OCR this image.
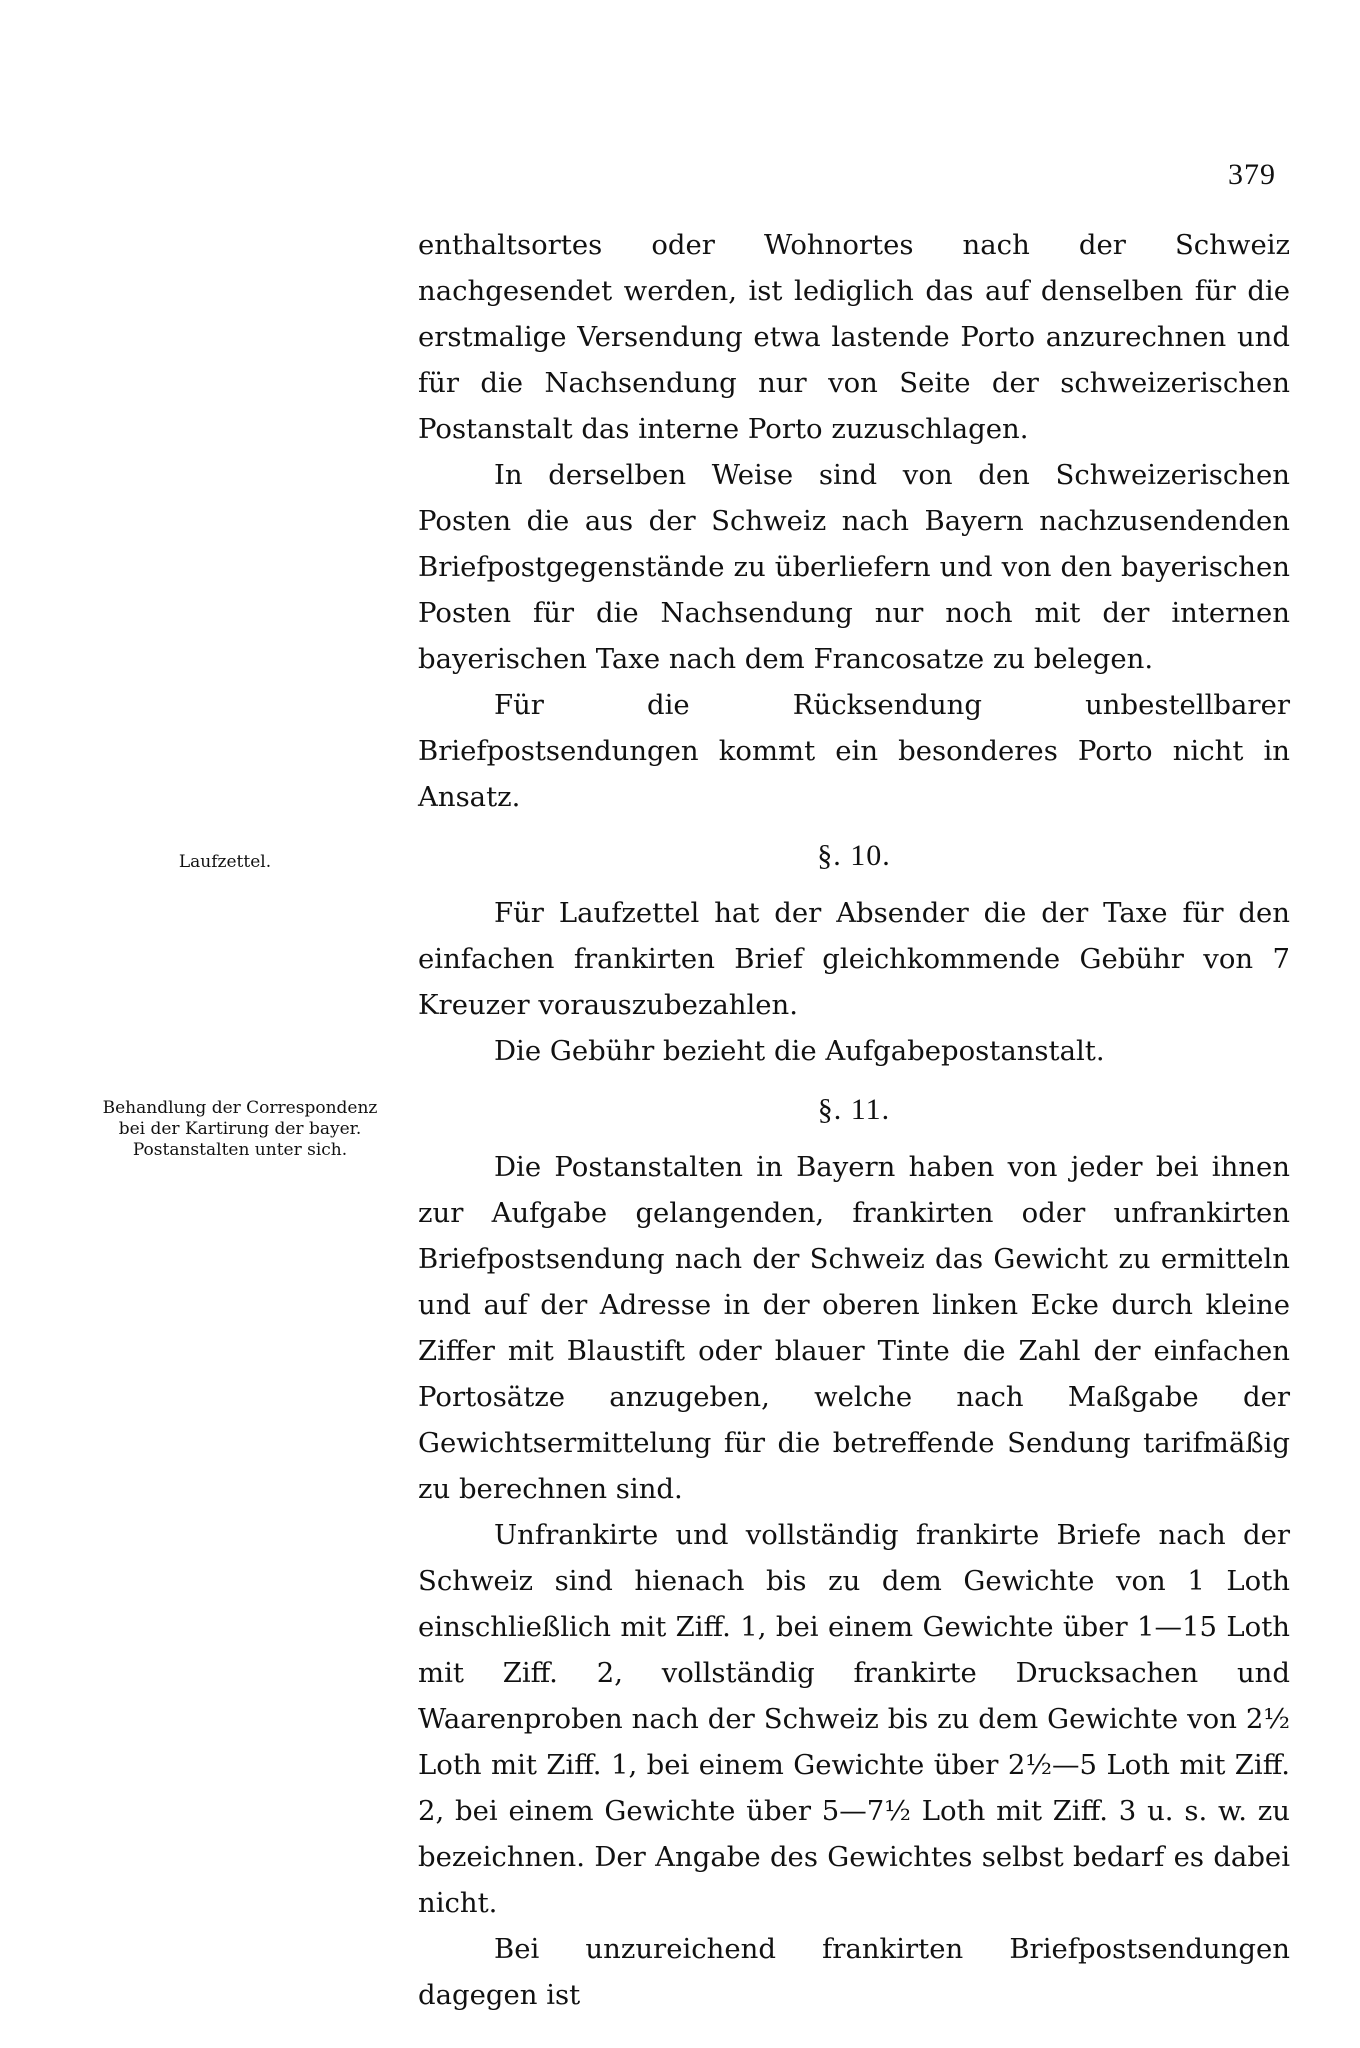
379
Laufzettel.
Behandlung der Correspondenz
bei der Kartirung der bayer.
Postanstalten unter sich.

enthaltsortes oder Wohnortes nach der Schweiz nachgesendet werden, ist lediglich das auf denselben für die erstmalige Versendung etwa lastende Porto anzurechnen und für die Nachsendung nur von Seite der schweizerischen Postanstalt das interne Porto zuzuschlagen.

In derselben Weise sind von den Schweizerischen Posten die aus der Schweiz nach Bayern nachzusendenden Briefpostgegenstände zu überliefern und von den bayerischen Posten für die Nachsendung nur noch mit der internen bayerischen Taxe nach dem Francosatze zu belegen.

Für die Rücksendung unbestellbarer Briefpostsendungen kommt ein besonderes Porto nicht in Ansatz.

§. 10.

Für Laufzettel hat der Absender die der Taxe für den einfachen frankirten Brief gleichkommende Gebühr von 7 Kreuzer vorauszubezahlen.

Die Gebühr bezieht die Aufgabepostanstalt.

§. 11.

Die Postanstalten in Bayern haben von jeder bei ihnen zur Aufgabe gelangenden, frankirten oder unfrankirten Briefpostsendung nach der Schweiz das Gewicht zu ermitteln und auf der Adresse in der oberen linken Ecke durch kleine Ziffer mit Blaustift oder blauer Tinte die Zahl der einfachen Portosätze anzugeben, welche nach Maßgabe der Gewichtsermittelung für die betreffende Sendung tarifmäßig zu berechnen sind.

Unfrankirte und vollständig frankirte Briefe nach der Schweiz sind hienach bis zu dem Gewichte von 1 Loth einschließlich mit Ziff. 1, bei einem Gewichte über 1—15 Loth mit Ziff. 2, vollständig frankirte Drucksachen und Waarenproben nach der Schweiz bis zu dem Gewichte von 2½ Loth mit Ziff. 1, bei einem Gewichte über 2½—5 Loth mit Ziff. 2, bei einem Gewichte über 5—7½ Loth mit Ziff. 3 u. s. w. zu bezeichnen. Der Angabe des Gewichtes selbst bedarf es dabei nicht.

Bei unzureichend frankirten Briefpostsendungen dagegen ist
